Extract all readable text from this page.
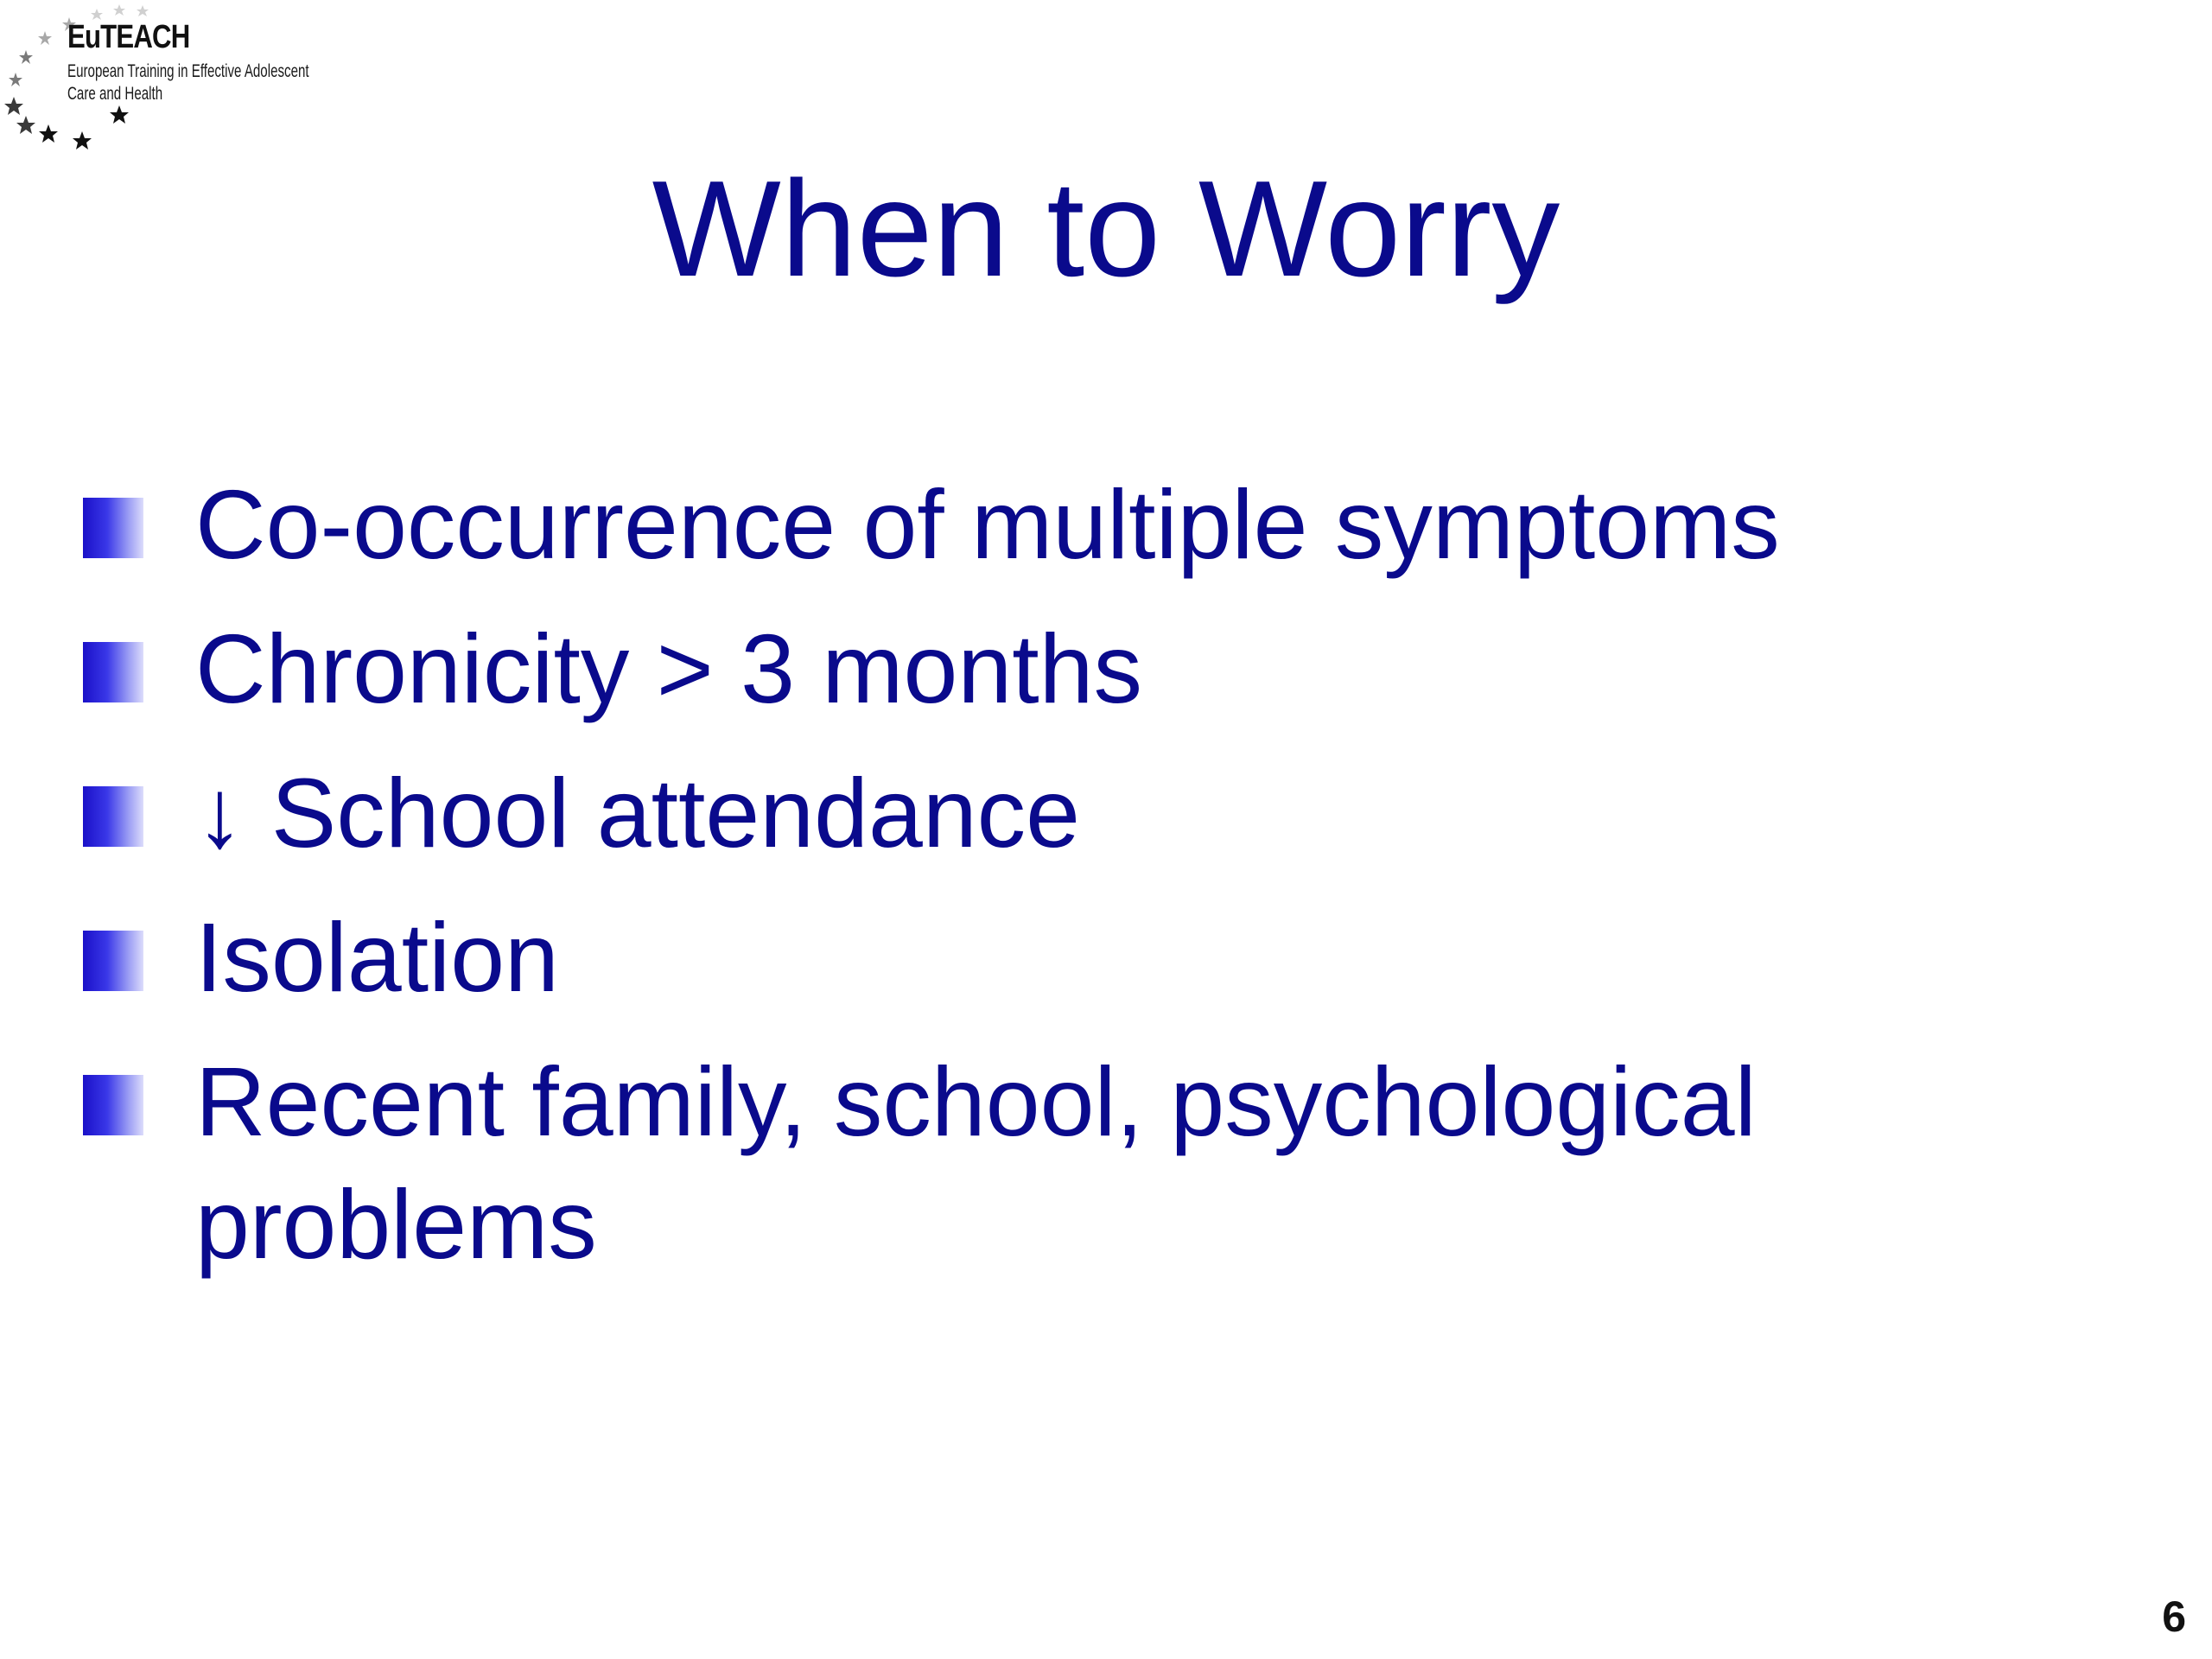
EuTEACH
European Training in Effective Adolescent
Care and Health
When to Worry
Co-occurrence of multiple symptoms
Chronicity > 3 months
↓ School attendance
Isolation
Recent family, school, psychological
problems
6
